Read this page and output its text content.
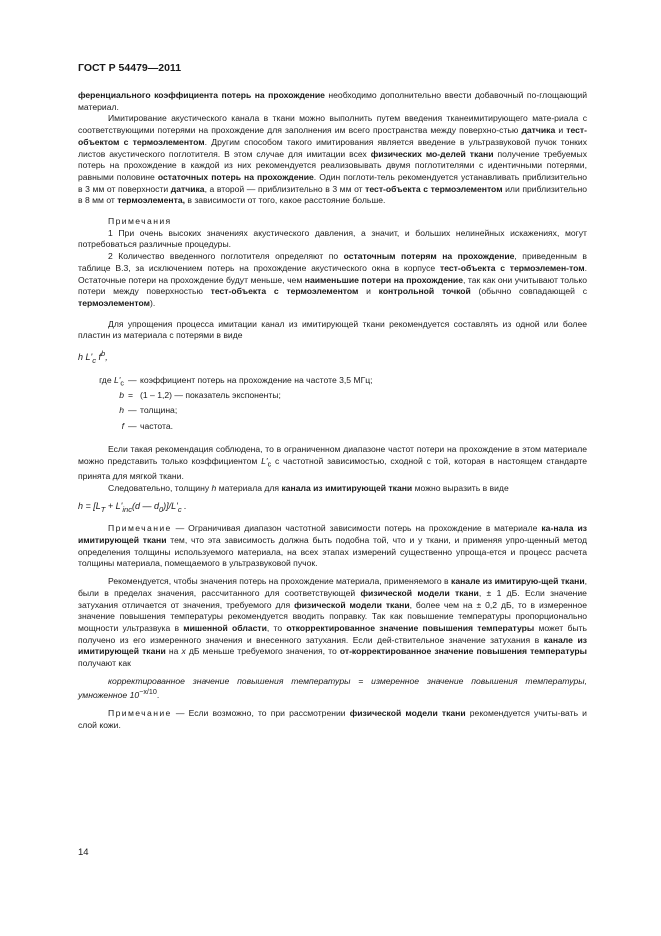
ГОСТ Р 54479—2011

ференциального коэффициента потерь на прохождение необходимо дополнительно ввести добавочный по-глощающий материал.

Имитирование акустического канала в ткани можно выполнить путем введения тканеимитирующего мате-риала с соответствующими потерями на прохождение для заполнения им всего пространства между поверхно-стью датчика и тест-объектом с термоэлементом. Другим способом такого имитирования является введение в ультразвуковой пучок тонких листов акустического поглотителя. В этом случае для имитации всех физических мо-делей ткани получение требуемых потерь на прохождение в каждой из них рекомендуется реализовывать двумя поглотителями с идентичными потерями, равными половине остаточных потерь на прохождение. Один поглоти-тель рекомендуется устанавливать приблизительно в 3 мм от поверхности датчика, а второй — приблизительно в 3 мм от тест-объекта с термоэлементом или приблизительно в 8 мм от термоэлемента, в зависимости от того, какое расстояние больше.

Примечания

1 При очень высоких значениях акустического давления, а значит, и больших нелинейных искажениях, могут потребоваться различные процедуры.

2 Количество введенного поглотителя определяют по остаточным потерям на прохождение, приведенным в таблице В.3, за исключением потерь на прохождение акустического окна в корпусе тест-объекта с термоэлемен-том. Остаточные потери на прохождение будут меньше, чем наименьшие потери на прохождение, так как они учитывают только потери между поверхностью тест-объекта с термоэлементом и контрольной точкой (обычно совпадающей с термоэлементом).

Для упрощения процесса имитации канал из имитирующей ткани рекомендуется составлять из одной или более пластин из материала с потерями в виде

h $L'_c$ $f^b$,

где $L'_c$ — коэффициент потерь на прохождение на частоте 3,5 МГц;
b = (1 – 1,2) — показатель экспоненты;
h — толщина;
f — частота.

Если такая рекомендация соблюдена, то в ограниченном диапазоне частот потери на прохождение в этом материале можно представить только коэффициентом $L'_c$ с частотной зависимостью, сходной с той, которая в настоящем стандарте принята для мягкой ткани.

Следовательно, толщину h материала для канала из имитирующей ткани можно выразить в виде

$h = [L_T + L'_{inc}(d$ — $d_0)]/L'_c$ .

Примечание — Ограничивая диапазон частотной зависимости потерь на прохождение в материале ка-нала из имитирующей ткани тем, что эта зависимость должна быть подобна той, что и у ткани, и применяя упро-щенный метод определения толщины используемого материала, на всех этапах измерений существенно упроща-ется и процесс расчета толщины материала, помещаемого в ультразвуковой пучок.

Рекомендуется, чтобы значения потерь на прохождение материала, применяемого в канале из имитирую-щей ткани, были в пределах значения, рассчитанного для соответствующей физической модели ткани, ± 1 дБ. Если значение затухания отличается от значения, требуемого для физической модели ткани, более чем на ± 0,2 дБ, то в измеренное значение повышения температуры рекомендуется вводить поправку. Так как повышение температуры пропорционально мощности ультразвука в мишенной области, то откорректированное значение повышения температуры может быть получено из его измеренного значения и внесенного затухания. Если дей-ствительное значение затухания в канале из имитирующей ткани на x дБ меньше требуемого значения, то от-корректированное значение повышения температуры получают как

корректированное значение повышения температуры = измеренное значение повышения температуры, умноженное $10^{-x/10}$.

Примечание — Если возможно, то при рассмотрении физической модели ткани рекомендуется учиты-вать и слой кожи.

14
